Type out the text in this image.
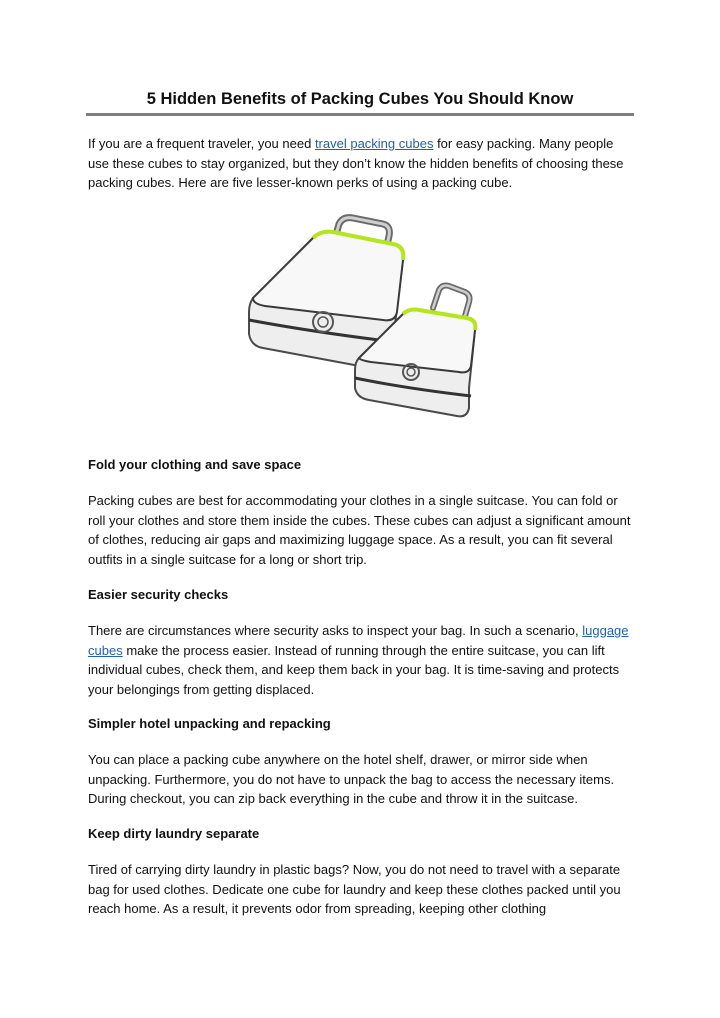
5 Hidden Benefits of Packing Cubes You Should Know

If you are a frequent traveler, you need travel packing cubes for easy packing. Many people use these cubes to stay organized, but they don’t know the hidden benefits of choosing these packing cubes. Here are five lesser-known perks of using a packing cube.

Fold your clothing and save space

Packing cubes are best for accommodating your clothes in a single suitcase. You can fold or roll your clothes and store them inside the cubes. These cubes can adjust a significant amount of clothes, reducing air gaps and maximizing luggage space. As a result, you can fit several outfits in a single suitcase for a long or short trip.

Easier security checks

There are circumstances where security asks to inspect your bag. In such a scenario, luggage cubes make the process easier. Instead of running through the entire suitcase, you can lift individual cubes, check them, and keep them back in your bag. It is time-saving and protects your belongings from getting displaced.

Simpler hotel unpacking and repacking

You can place a packing cube anywhere on the hotel shelf, drawer, or mirror side when unpacking. Furthermore, you do not have to unpack the bag to access the necessary items. During checkout, you can zip back everything in the cube and throw it in the suitcase.

Keep dirty laundry separate

Tired of carrying dirty laundry in plastic bags? Now, you do not need to travel with a separate bag for used clothes. Dedicate one cube for laundry and keep these clothes packed until you reach home. As a result, it prevents odor from spreading, keeping other clothing
